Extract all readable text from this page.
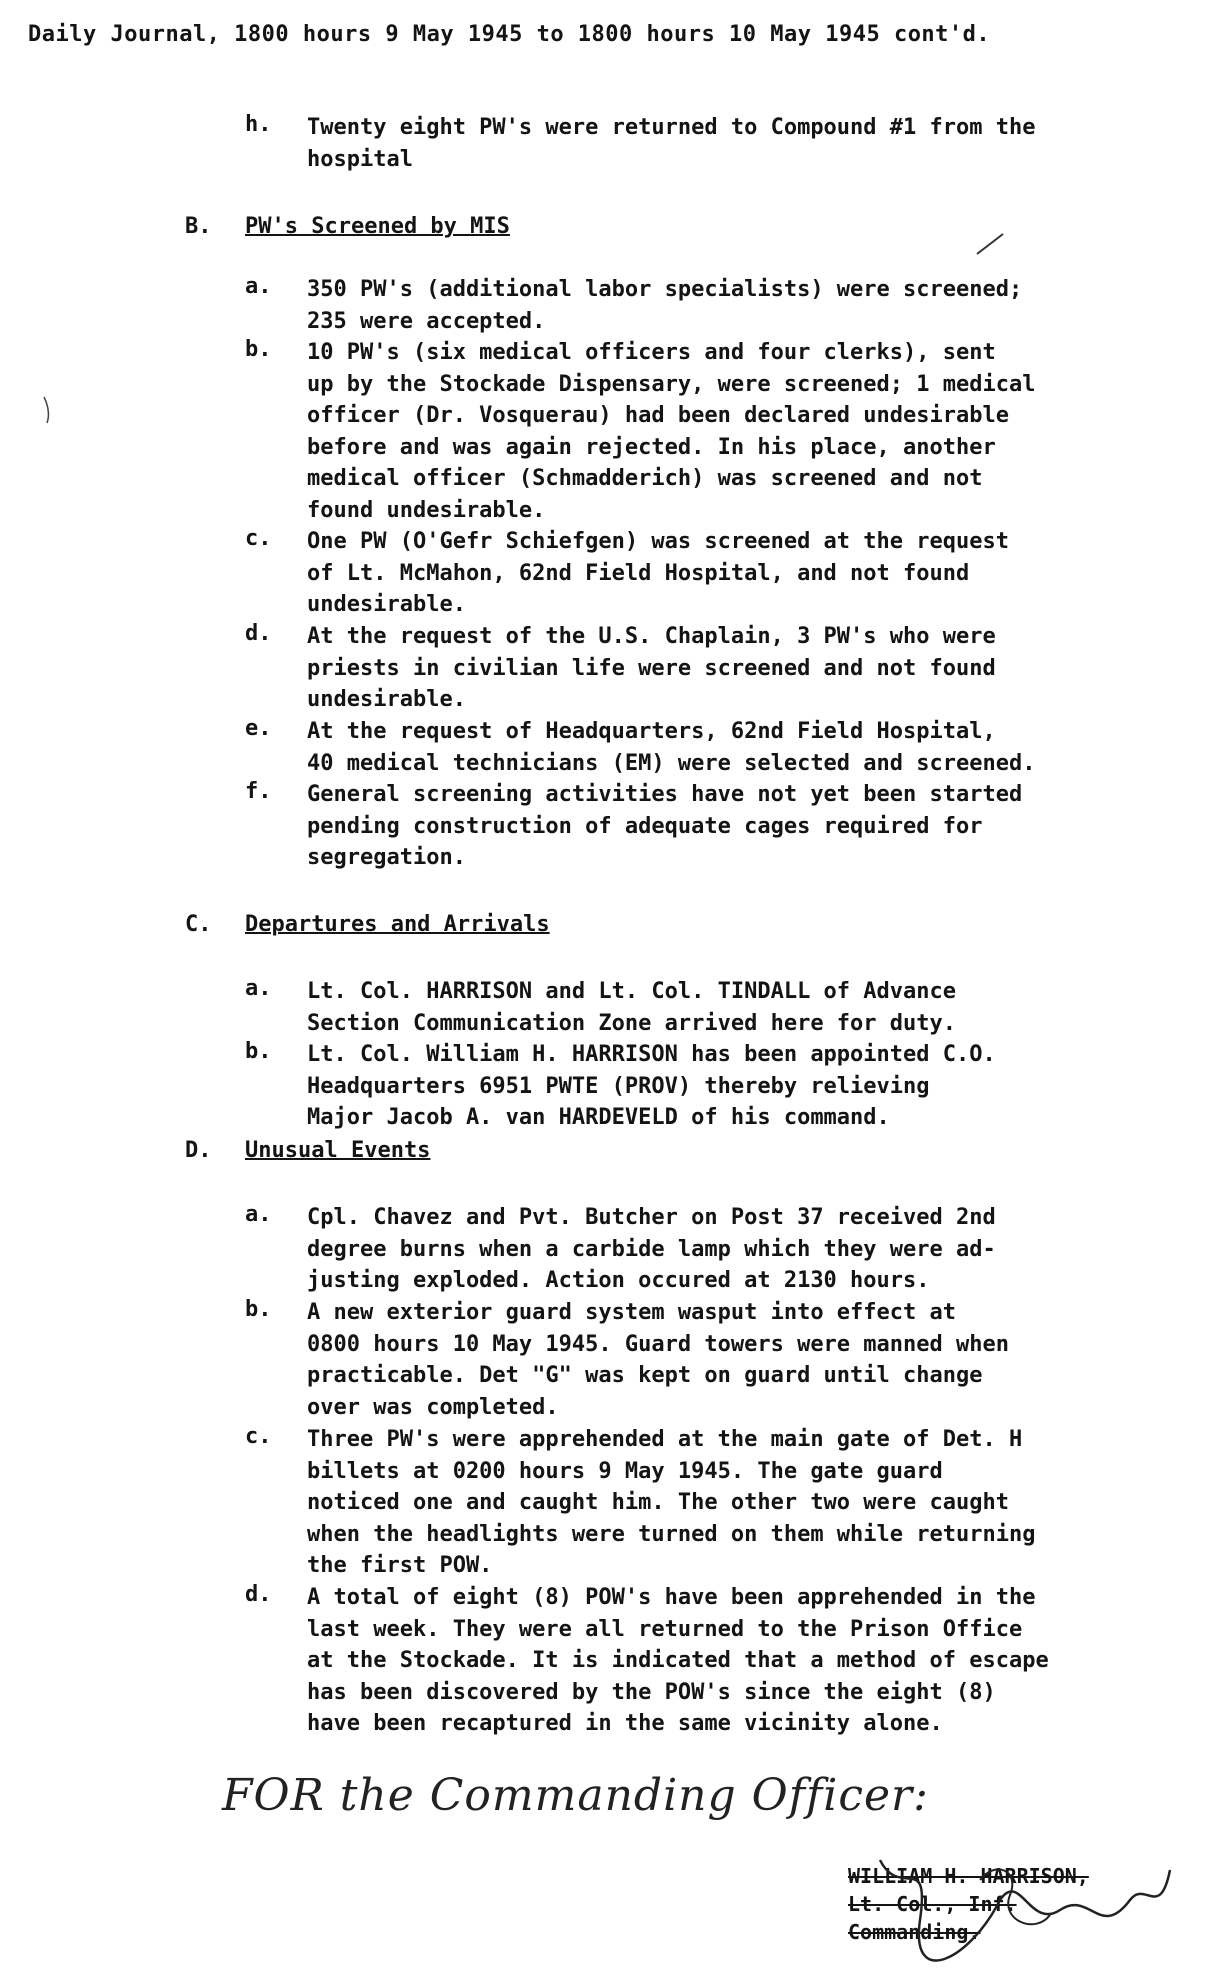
Daily Journal, 1800 hours 9 May 1945 to 1800 hours 10 May 1945 cont'd.
h.	Twenty eight PW's were returned to Compound #1 from the
hospital
B.	PW's Screened by MIS
a.	350 PW's (additional labor specialists) were screened;
235 were accepted.
b.	10 PW's (six medical officers and four clerks), sent
up by the Stockade Dispensary, were screened; 1 medical
officer (Dr. Vosquerau) had been declared undesirable
before and was again rejected. In his place, another
medical officer (Schmadderich) was screened and not
found undesirable.
c.	One PW (O'Gefr Schiefgen) was screened at the request
of Lt. McMahon, 62nd Field Hospital, and not found
undesirable.
d.	At the request of the U.S. Chaplain, 3 PW's who were
priests in civilian life were screened and not found
undesirable.
e.	At the request of Headquarters, 62nd Field Hospital,
40 medical technicians (EM) were selected and screened.
f.	General screening activities have not yet been started
pending construction of adequate cages required for
segregation.
C.	Departures and Arrivals
a.	Lt. Col. HARRISON and Lt. Col. TINDALL of Advance
Section Communication Zone arrived here for duty.
b.	Lt. Col. William H. HARRISON has been appointed C.O.
Headquarters 6951 PWTE (PROV) thereby relieving
Major Jacob A. van HARDEVELD of his command.
D.	Unusual Events
a.	Cpl. Chavez and Pvt. Butcher on Post 37 received 2nd
degree burns when a carbide lamp which they were ad-
justing exploded. Action occured at 2130 hours.
b.	A new exterior guard system wasput into effect at
0800 hours 10 May 1945. Guard towers were manned when
practicable. Det "G" was kept on guard until change
over was completed.
c.	Three PW's were apprehended at the main gate of Det. H
billets at 0200 hours 9 May 1945. The gate guard
noticed one and caught him. The other two were caught
when the headlights were turned on them while returning
the first POW.
d.	A total of eight (8) POW's have been apprehended in the
last week. They were all returned to the Prison Office
at the Stockade. It is indicated that a method of escape
has been discovered by the POW's since the eight (8)
have been recaptured in the same vicinity alone.
FOR the Commanding Officer:
WILLIAM H. HARRISON,
Lt. Col., Inf.
Commanding.
